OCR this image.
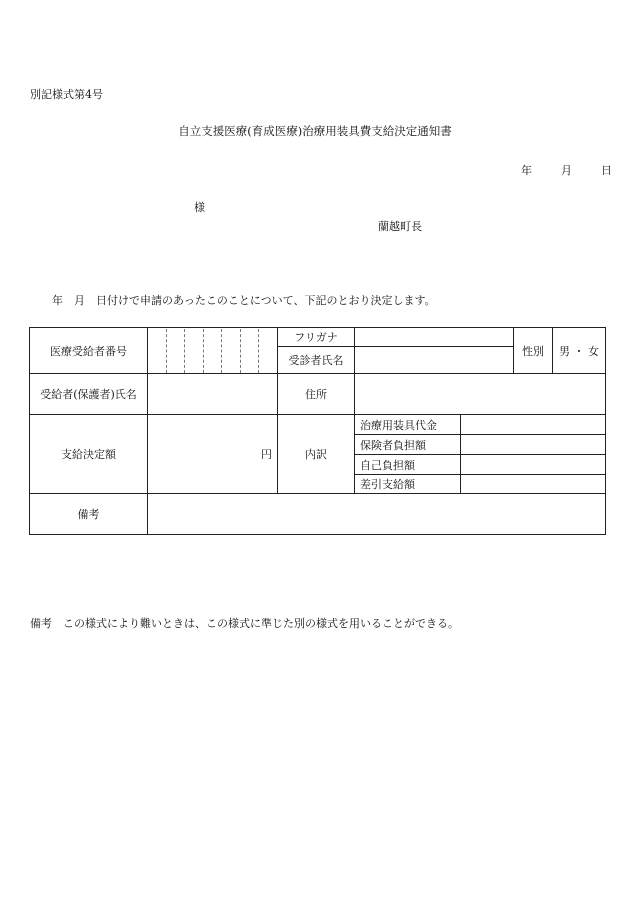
別記様式第4号
自立支援医療(育成医療)治療用装具費支給決定通知書
年	月	日
様
蘭越町長
年　月　日付けで申請のあったこのことについて、下記のとおり決定します。
医療受給者番号		フリガナ			性別	男 ・ 女
		受診者氏名				
受給者(保護者)氏名		住所				
支給決定額	円	内訳	治療用装具代金			
			保険者負担額			
			自己負担額			
			差引支給額			
備考						
備考　この様式により難いときは、この様式に準じた別の様式を用いることができる。
